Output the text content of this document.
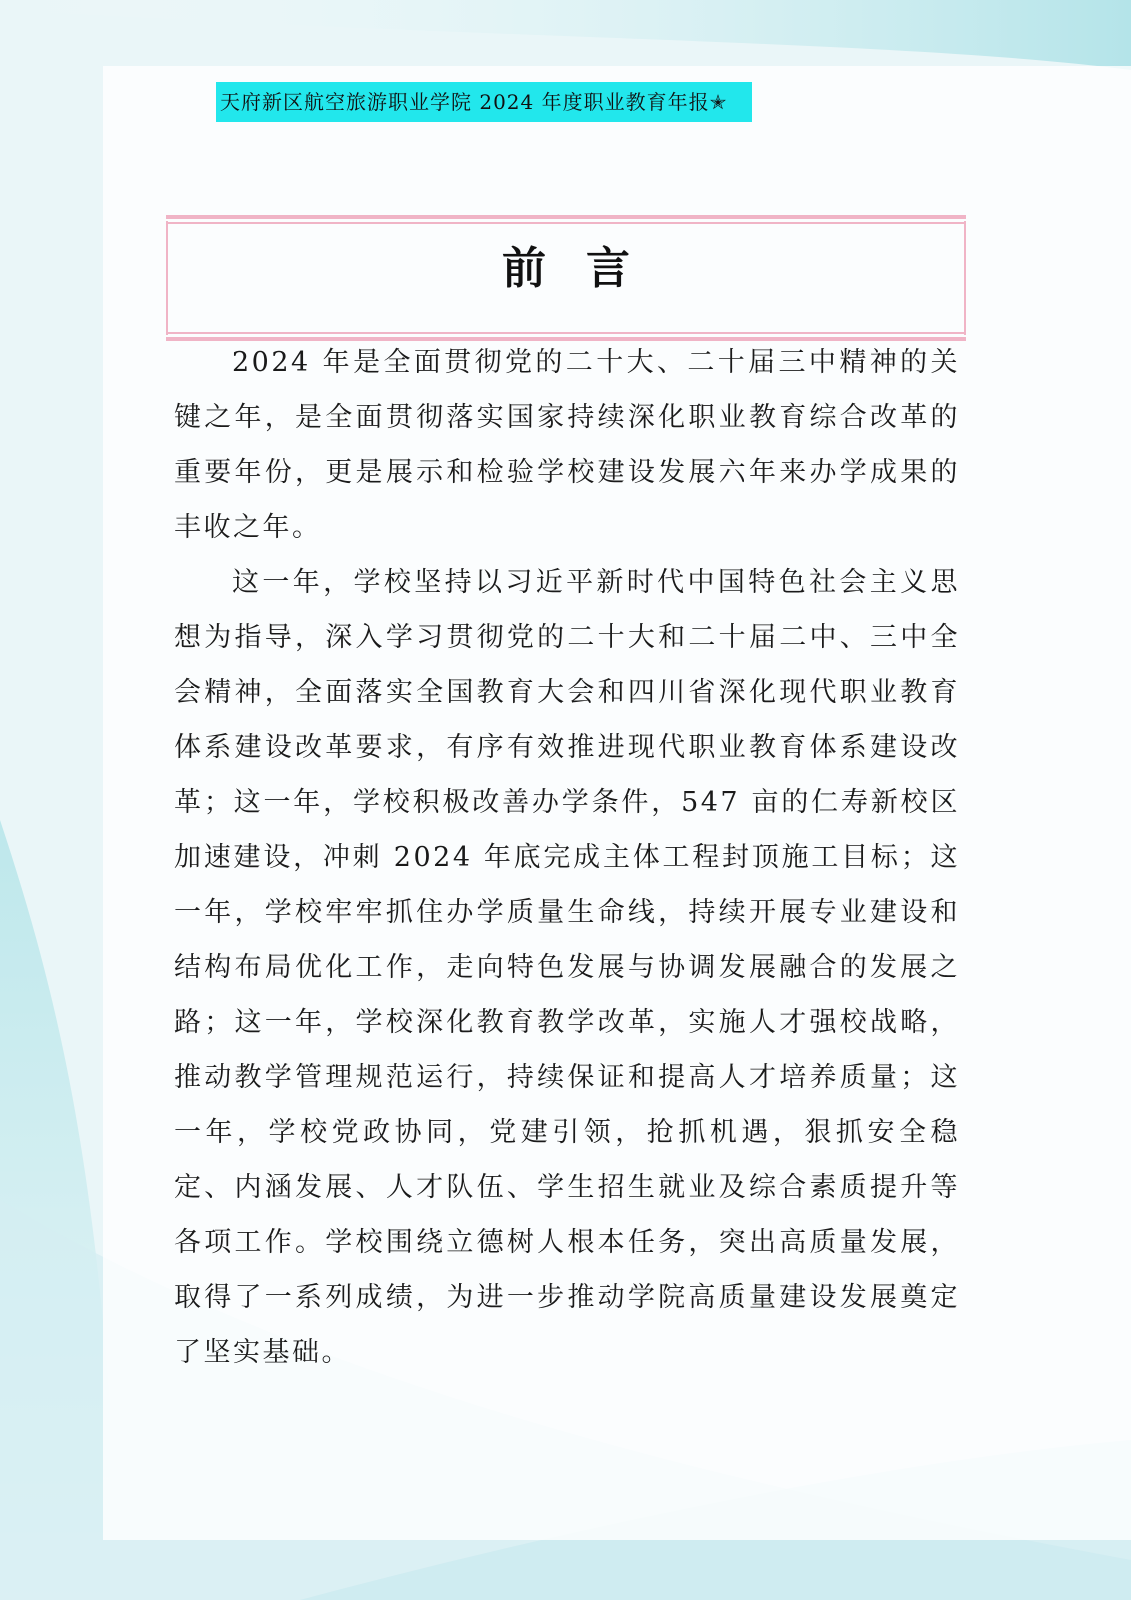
天府新区航空旅游职业学院 2024 年度职业教育年报✭
前言

2024 年是全面贯彻党的二十大、二十届三中精神的关键之年，是全面贯彻落实国家持续深化职业教育综合改革的重要年份，更是展示和检验学校建设发展六年来办学成果的丰收之年。

这一年，学校坚持以习近平新时代中国特色社会主义思想为指导，深入学习贯彻党的二十大和二十届二中、三中全会精神，全面落实全国教育大会和四川省深化现代职业教育体系建设改革要求，有序有效推进现代职业教育体系建设改革；这一年，学校积极改善办学条件，547 亩的仁寿新校区加速建设，冲刺 2024 年底完成主体工程封顶施工目标；这一年，学校牢牢抓住办学质量生命线，持续开展专业建设和结构布局优化工作，走向特色发展与协调发展融合的发展之路；这一年，学校深化教育教学改革，实施人才强校战略，推动教学管理规范运行，持续保证和提高人才培养质量；这一年，学校党政协同，党建引领，抢抓机遇，狠抓安全稳定、内涵发展、人才队伍、学生招生就业及综合素质提升等各项工作。学校围绕立德树人根本任务，突出高质量发展，取得了一系列成绩，为进一步推动学院高质量建设发展奠定了坚实基础。
